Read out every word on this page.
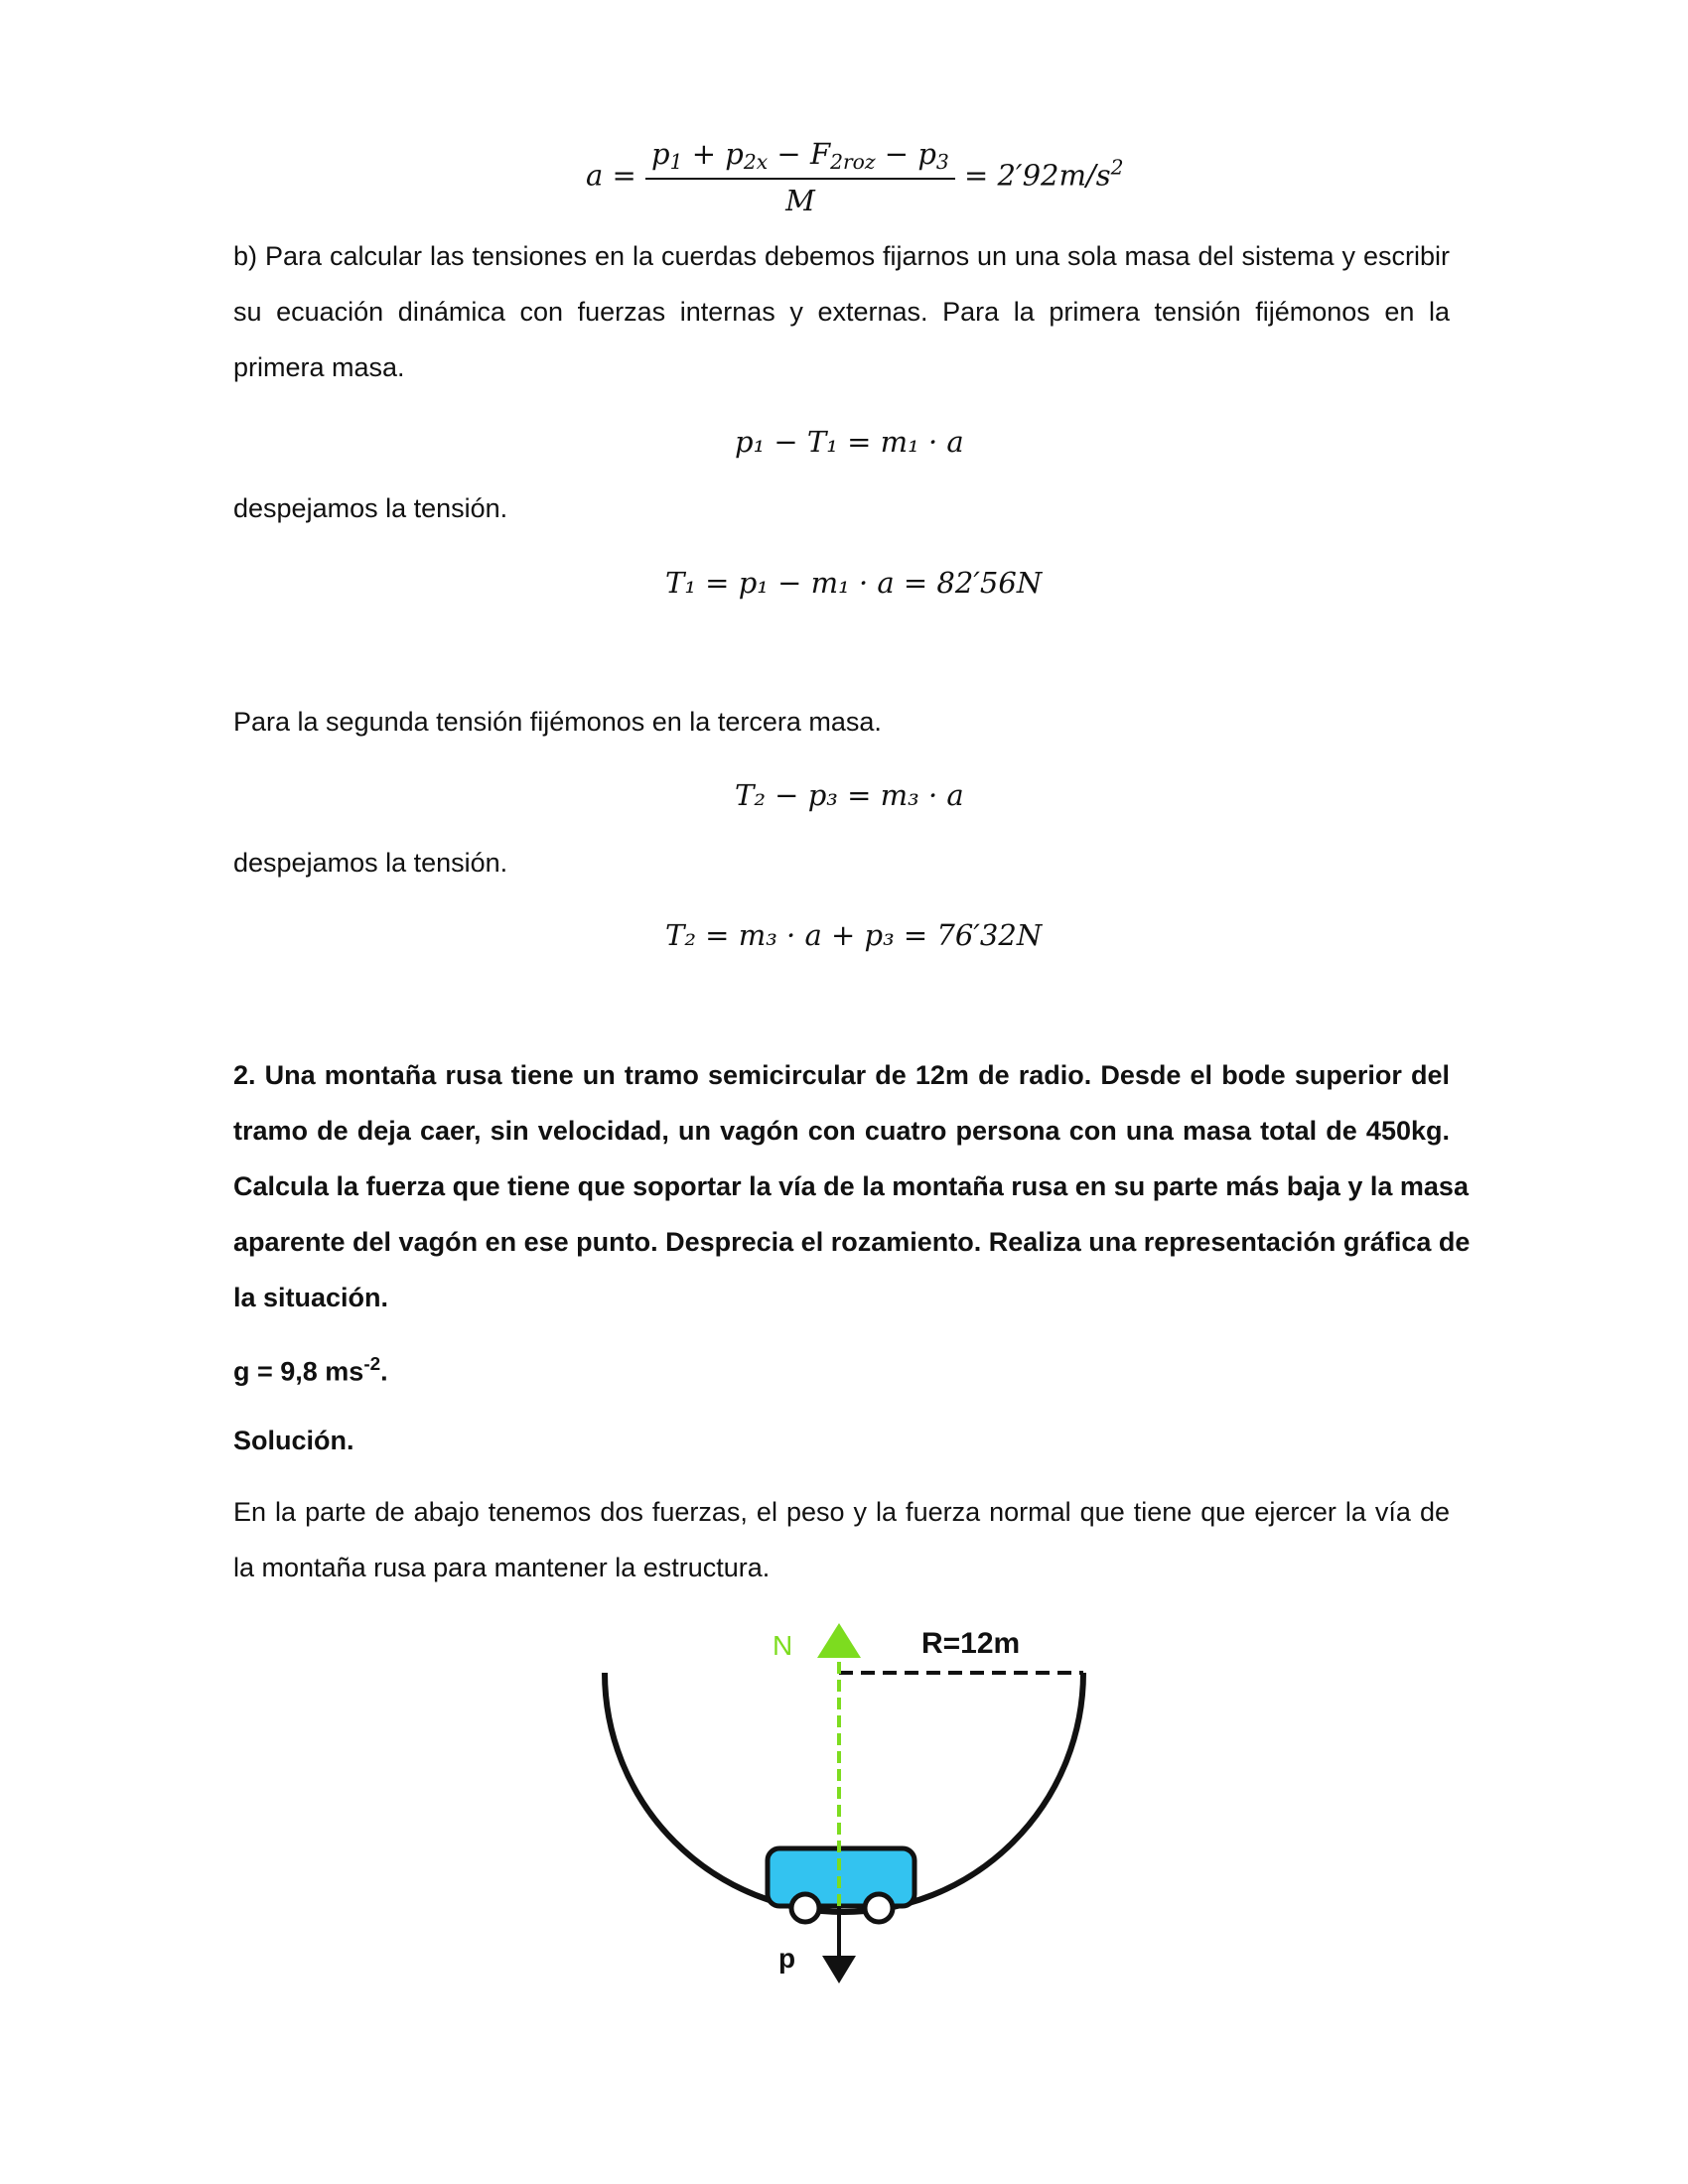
a =
p1 + p2x − F2roz − p3
M
= $2'92m/s^2$
b) Para calcular las tensiones en la cuerdas debemos fijarnos un una sola masa del sistema y escribir
su ecuación dinámica con fuerzas internas y externas. Para la primera tensión fijémonos en la
primera masa.
p₁ − T₁ = m₁ · a
despejamos la tensión.
T₁ = p₁ − m₁ · a = 82′56N
Para la segunda tensión fijémonos en la tercera masa.
T₂ − p₃ = m₃ · a
despejamos la tensión.
T₂ = m₃ · a + p₃ = 76′32N
2. Una montaña rusa tiene un tramo semicircular de 12m de radio. Desde el bode superior del
tramo de deja caer, sin velocidad, un vagón con cuatro persona con una masa total de 450kg.
Calcula la fuerza que tiene que soportar la vía de la montaña rusa en su parte más baja y la masa
aparente del vagón en ese punto. Desprecia el rozamiento. Realiza una representación gráfica de
la situación.
g = 9,8 $ms^{-2}$.
Solución.
En la parte de abajo tenemos dos fuerzas, el peso y la fuerza normal que tiene que ejercer la vía de
la montaña rusa para mantener la estructura.
N	R=12m
p
